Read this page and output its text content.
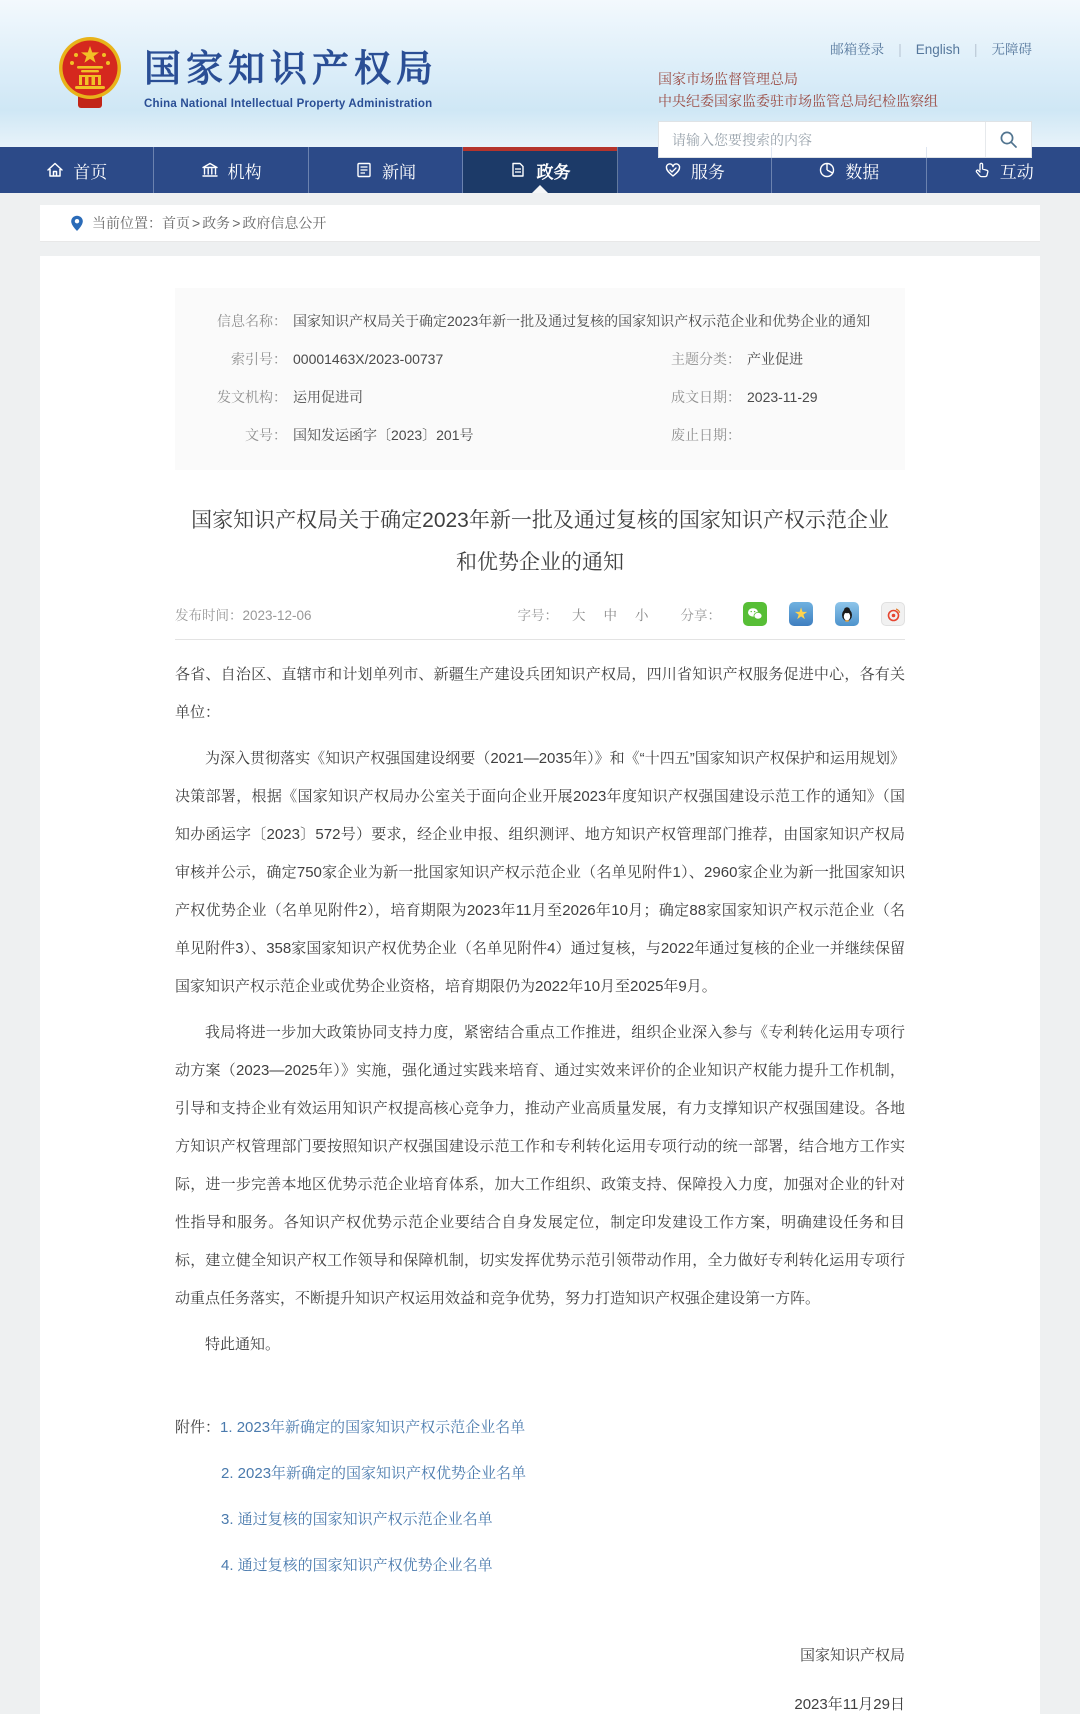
国家知识产权局
China National Intellectual Property Administration
邮箱登录 | English | 无障碍
国家市场监督管理总局
中央纪委国家监委驻市场监管总局纪检监察组
请输入您要搜索的内容
首页	机构	新闻	政务	服务	数据	互动
当前位置： 首页 > 政务 > 政府信息公开
信息名称： 国家知识产权局关于确定2023年新一批及通过复核的国家知识产权示范企业和优势企业的通知
索引号： 00001463X/2023-00737	主题分类： 产业促进
发文机构： 运用促进司	成文日期： 2023-11-29
文号： 国知发运函字〔2023〕201号	废止日期：
国家知识产权局关于确定2023年新一批及通过复核的国家知识产权示范企业
和优势企业的通知
发布时间：2023-12-06	字号： 大 中 小 分享：	★

各省、自治区、直辖市和计划单列市、新疆生产建设兵团知识产权局，四川省知识产权服务促进中心，各有关单位：

为深入贯彻落实《知识产权强国建设纲要（2021—2035年）》和《“十四五”国家知识产权保护和运用规划》决策部署，根据《国家知识产权局办公室关于面向企业开展2023年度知识产权强国建设示范工作的通知》（国知办函运字〔2023〕572号）要求，经企业申报、组织测评、地方知识产权管理部门推荐，由国家知识产权局审核并公示，确定750家企业为新一批国家知识产权示范企业（名单见附件1）、2960家企业为新一批国家知识产权优势企业（名单见附件2），培育期限为2023年11月至2026年10月；确定88家国家知识产权示范企业（名单见附件3）、358家国家知识产权优势企业（名单见附件4）通过复核，与2022年通过复核的企业一并继续保留国家知识产权示范企业或优势企业资格，培育期限仍为2022年10月至2025年9月。

我局将进一步加大政策协同支持力度，紧密结合重点工作推进，组织企业深入参与《专利转化运用专项行动方案（2023—2025年）》实施，强化通过实践来培育、通过实效来评价的企业知识产权能力提升工作机制，引导和支持企业有效运用知识产权提高核心竞争力，推动产业高质量发展，有力支撑知识产权强国建设。各地方知识产权管理部门要按照知识产权强国建设示范工作和专利转化运用专项行动的统一部署，结合地方工作实际，进一步完善本地区优势示范企业培育体系，加大工作组织、政策支持、保障投入力度，加强对企业的针对性指导和服务。各知识产权优势示范企业要结合自身发展定位，制定印发建设工作方案，明确建设任务和目标，建立健全知识产权工作领导和保障机制，切实发挥优势示范引领带动作用，全力做好专利转化运用专项行动重点任务落实，不断提升知识产权运用效益和竞争优势，努力打造知识产权强企建设第一方阵。

特此通知。

附件：1. 2023年新确定的国家知识产权示范企业名单
2. 2023年新确定的国家知识产权优势企业名单
3. 通过复核的国家知识产权示范企业名单
4. 通过复核的国家知识产权优势企业名单
国家知识产权局
2023年11月29日
